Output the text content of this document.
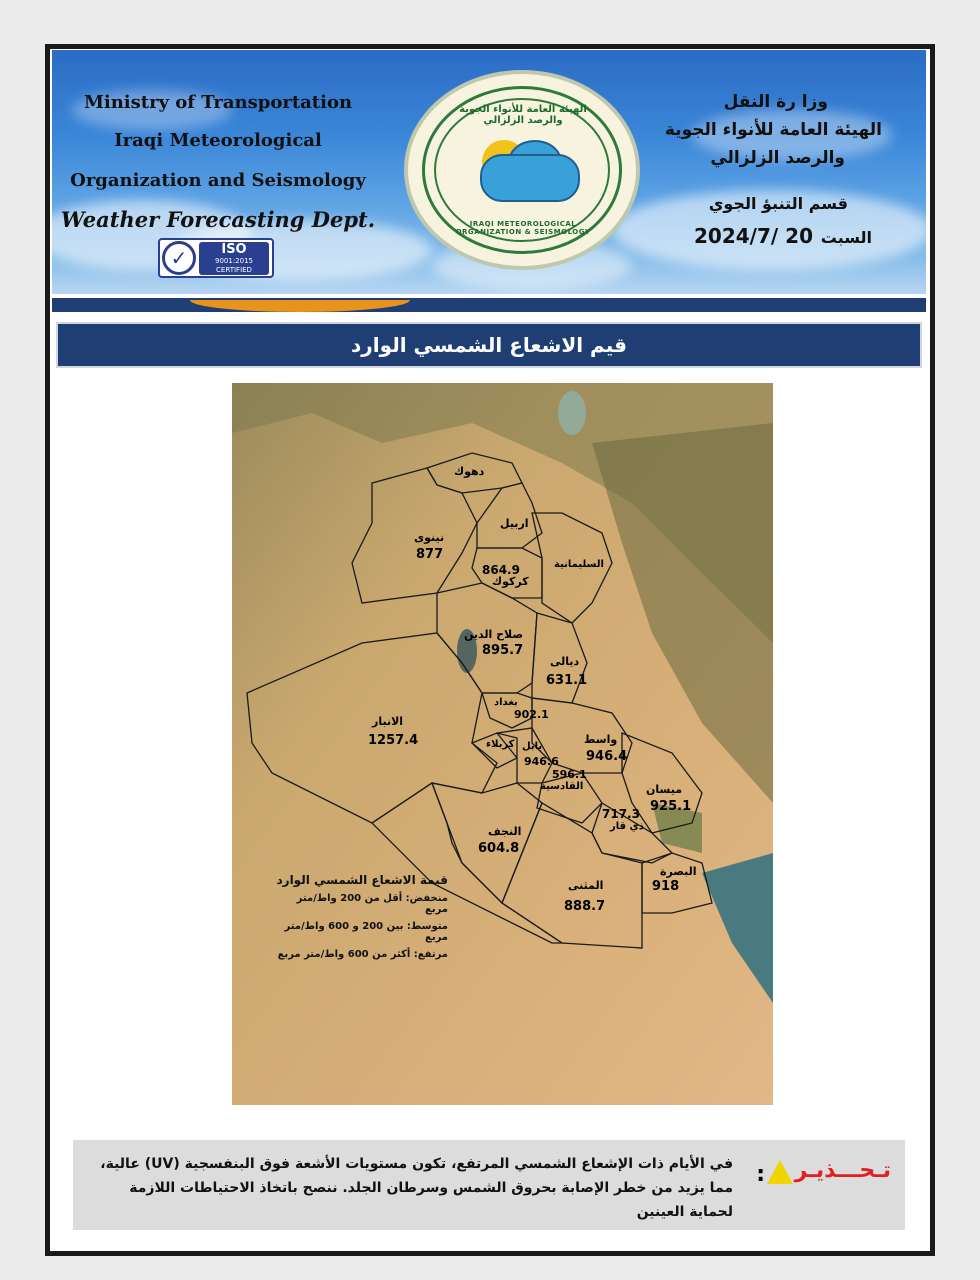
Ministry of Transportation
Iraqi Meteorological
Organization and Seismology
Weather Forecasting Dept.
✓	ISO
9001:2015
CERTIFIED
الهيئة العامة للأنواء الجوية والرصد الزلزالي
IRAQI METEOROLOGICAL ORGANIZATION & SEISMOLOGY
وزا رة النقل
الهيئة العامة للأنواء الجوية
والرصد الزلزالي
قسم التنبؤ الجوي
السبت
2024/7/ 20
قيم الاشعاع الشمسي الوارد
دهوك
نينوى
877
اربيل
السليمانية
864.9
كركوك
صلاح الدين
895.7
ديالى
631.1
الانبار
1257.4
بغداد
902.1
واسط
946.4
كربلاء بابل
946.6
596.1
القادسية	ميسان
925.1
717.3
ذي قار
النجف
604.8
المثنى
888.7
البصرة
918
قيمة الاشعاع الشمسي الوارد
منخفض: أقل من 200 واط/متر مربع
متوسط: بين 200 و 600 واط/متر مربع
مرتفع: أكثر من 600 واط/متر مربع
تـحـــذيـر
:
في الأيام ذات الإشعاع الشمسي المرتفع، تكون مستويات الأشعة فوق البنفسجية (UV) عالية، مما يزيد من خطر الإصابة بحروق الشمس وسرطان الجلد. ننصح باتخاذ الاحتياطات اللازمة لحماية العينين
